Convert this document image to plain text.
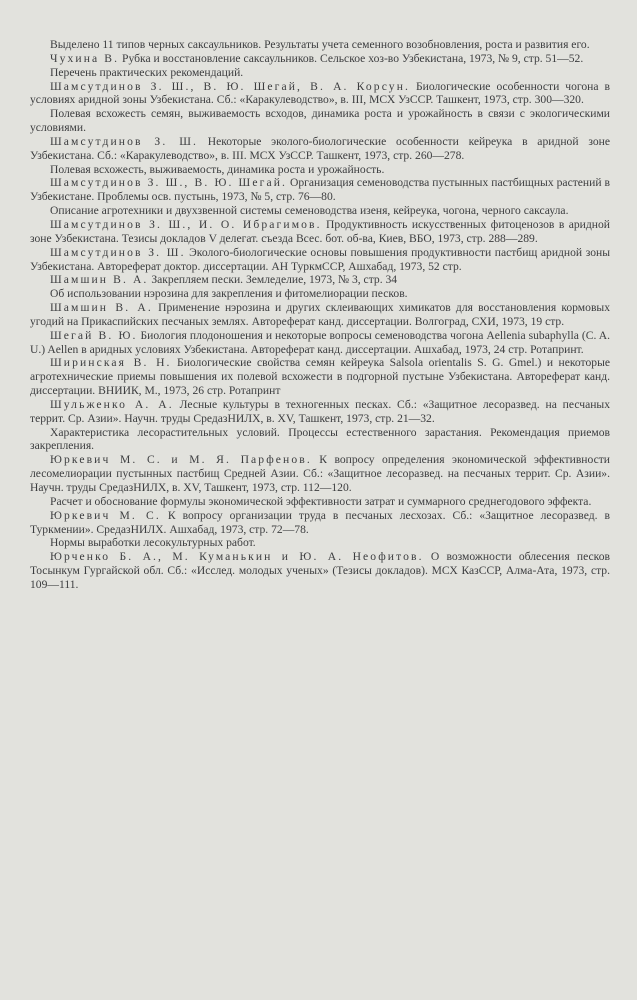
Выделено 11 типов черных саксаульников. Результаты учета семенного возобновления, роста и развития его.

Чухина В. Рубка и восстановление саксаульников. Сельское хоз-во Узбекистана, 1973, № 9, стр. 51—52.

Перечень практических рекомендаций.

Шамсутдинов З. Ш., В. Ю. Шегай, В. А. Корсун. Биологические особенности чогона в условиях аридной зоны Узбекистана. Сб.: «Каракулеводство», в. III, МСХ УзССР. Ташкент, 1973, стр. 300—320.

Полевая всхожесть семян, выживаемость всходов, динамика роста и урожайность в связи с экологическими условиями.

Шамсутдинов З. Ш. Некоторые эколого-биологические особенности кейреука в аридной зоне Узбекистана. Сб.: «Каракулеводство», в. III. МСХ УзССР. Ташкент, 1973, стр. 260—278.

Полевая всхожесть, выживаемость, динамика роста и урожайность.

Шамсутдинов З. Ш., В. Ю. Шегай. Организация семеноводства пустынных пастбищных растений в Узбекистане. Проблемы осв. пустынь, 1973, № 5, стр. 76—80.

Описание агротехники и двухзвенной системы семеноводства изеня, кейреука, чогона, черного саксаула.

Шамсутдинов З. Ш., И. О. Ибрагимов. Продуктивность искусственных фитоценозов в аридной зоне Узбекистана. Тезисы докладов V делегат. съезда Всес. бот. об-ва, Киев, ВБО, 1973, стр. 288—289.

Шамсутдинов З. Ш. Эколого-биологические основы повышения продуктивности пастбищ аридной зоны Узбекистана. Автореферат доктор. диссертации. АН ТуркмССР, Ашхабад, 1973, 52 стр.

Шамшин В. А. Закрепляем пески. Земледелие, 1973, № 3, стр. 34

Об использовании нэрозина для закрепления и фитомелиорации песков.

Шамшин В. А. Применение нэрозина и других склеивающих химикатов для восстановления кормовых угодий на Прикаспийских песчаных землях. Автореферат канд. диссертации. Волгоград, СХИ, 1973, 19 стр.

Шегай В. Ю. Биология плодоношения и некоторые вопросы семеноводства чогона Aellenia subaphylla (C. A. U.) Aellen в аридных условиях Узбекистана. Автореферат канд. диссертации. Ашхабад, 1973, 24 стр. Ротапринт.

Ширинская В. Н. Биологические свойства семян кейреука Salsola orientalis S. G. Gmel.) и некоторые агротехнические приемы повышения их полевой всхожести в подгорной пустыне Узбекистана. Автореферат канд. диссертации. ВНИИК, М., 1973, 26 стр. Ротапринт

Шульженко А. А. Лесные культуры в техногенных песках. Сб.: «Защитное лесоразвед. на песчаных террит. Ср. Азии». Научн. труды СредазНИЛХ, в. XV, Ташкент, 1973, стр. 21—32.

Характеристика лесорастительных условий. Процессы естественного зарастания. Рекомендация приемов закрепления.

Юркевич М. С. и М. Я. Парфенов. К вопросу определения экономической эффективности лесомелиорации пустынных пастбищ Средней Азии. Сб.: «Защитное лесоразвед. на песчаных террит. Ср. Азии». Научн. труды СредазНИЛХ, в. XV, Ташкент, 1973, стр. 112—120.

Расчет и обоснование формулы экономической эффективности затрат и суммарного среднегодового эффекта.

Юркевич М. С. К вопросу организации труда в песчаных лесхозах. Сб.: «Защитное лесоразвед. в Туркмении». СредазНИЛХ. Ашхабад, 1973, стр. 72—78.

Нормы выработки лесокультурных работ.

Юрченко Б. А., М. Куманькин и Ю. А. Неофитов. О возможности облесения песков Тосынкум Гургайской обл. Сб.: «Исслед. молодых ученых» (Тезисы докладов). МСХ КазССР, Алма-Ата, 1973, стр. 109—111.
